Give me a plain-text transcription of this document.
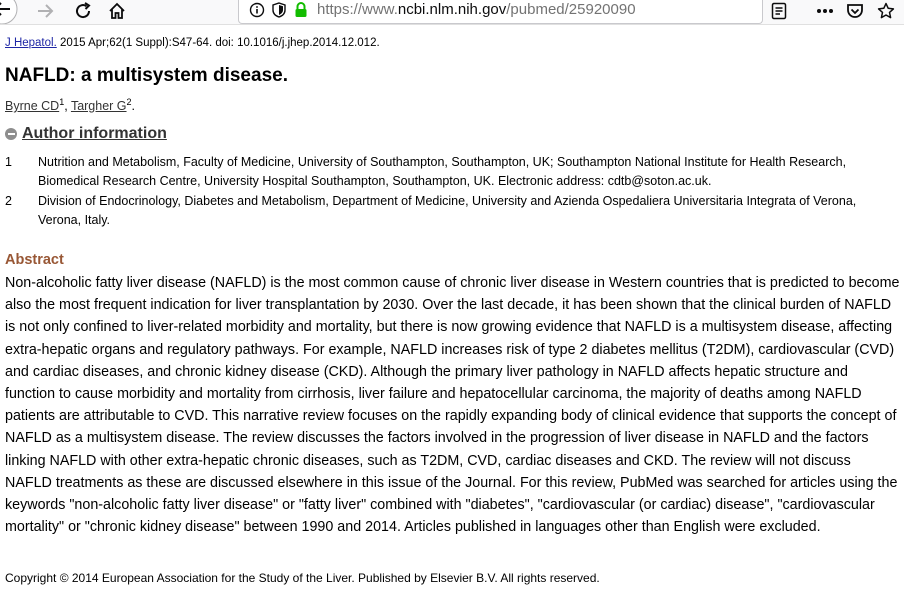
https://www.ncbi.nlm.nih.gov/pubmed/25920090
J Hepatol. 2015 Apr;62(1 Suppl):S47-64. doi: 10.1016/j.jhep.2014.12.012.
NAFLD: a multisystem disease.
Byrne $CD^1$, Targher $G^2$.
Author information
1	Nutrition and Metabolism, Faculty of Medicine, University of Southampton, Southampton, UK; Southampton National Institute for Health Research, Biomedical Research Centre, University Hospital Southampton, Southampton, UK. Electronic address: cdtb@soton.ac.uk.
2	Division of Endocrinology, Diabetes and Metabolism, Department of Medicine, University and Azienda Ospedaliera Universitaria Integrata of Verona, Verona, Italy.
Abstract

Non-alcoholic fatty liver disease (NAFLD) is the most common cause of chronic liver disease in Western countries that is predicted to become also the most frequent indication for liver transplantation by 2030. Over the last decade, it has been shown that the clinical burden of NAFLD is not only confined to liver-related morbidity and mortality, but there is now growing evidence that NAFLD is a multisystem disease, affecting extra-hepatic organs and regulatory pathways. For example, NAFLD increases risk of type 2 diabetes mellitus (T2DM), cardiovascular (CVD) and cardiac diseases, and chronic kidney disease (CKD). Although the primary liver pathology in NAFLD affects hepatic structure and function to cause morbidity and mortality from cirrhosis, liver failure and hepatocellular carcinoma, the majority of deaths among NAFLD patients are attributable to CVD. This narrative review focuses on the rapidly expanding body of clinical evidence that supports the concept of NAFLD as a multisystem disease. The review discusses the factors involved in the progression of liver disease in NAFLD and the factors linking NAFLD with other extra-hepatic chronic diseases, such as T2DM, CVD, cardiac diseases and CKD. The review will not discuss NAFLD treatments as these are discussed elsewhere in this issue of the Journal. For this review, PubMed was searched for articles using the keywords "non-alcoholic fatty liver disease" or "fatty liver" combined with "diabetes", "cardiovascular (or cardiac) disease", "cardiovascular mortality" or "chronic kidney disease" between 1990 and 2014. Articles published in languages other than English were excluded.

Copyright © 2014 European Association for the Study of the Liver. Published by Elsevier B.V. All rights reserved.
